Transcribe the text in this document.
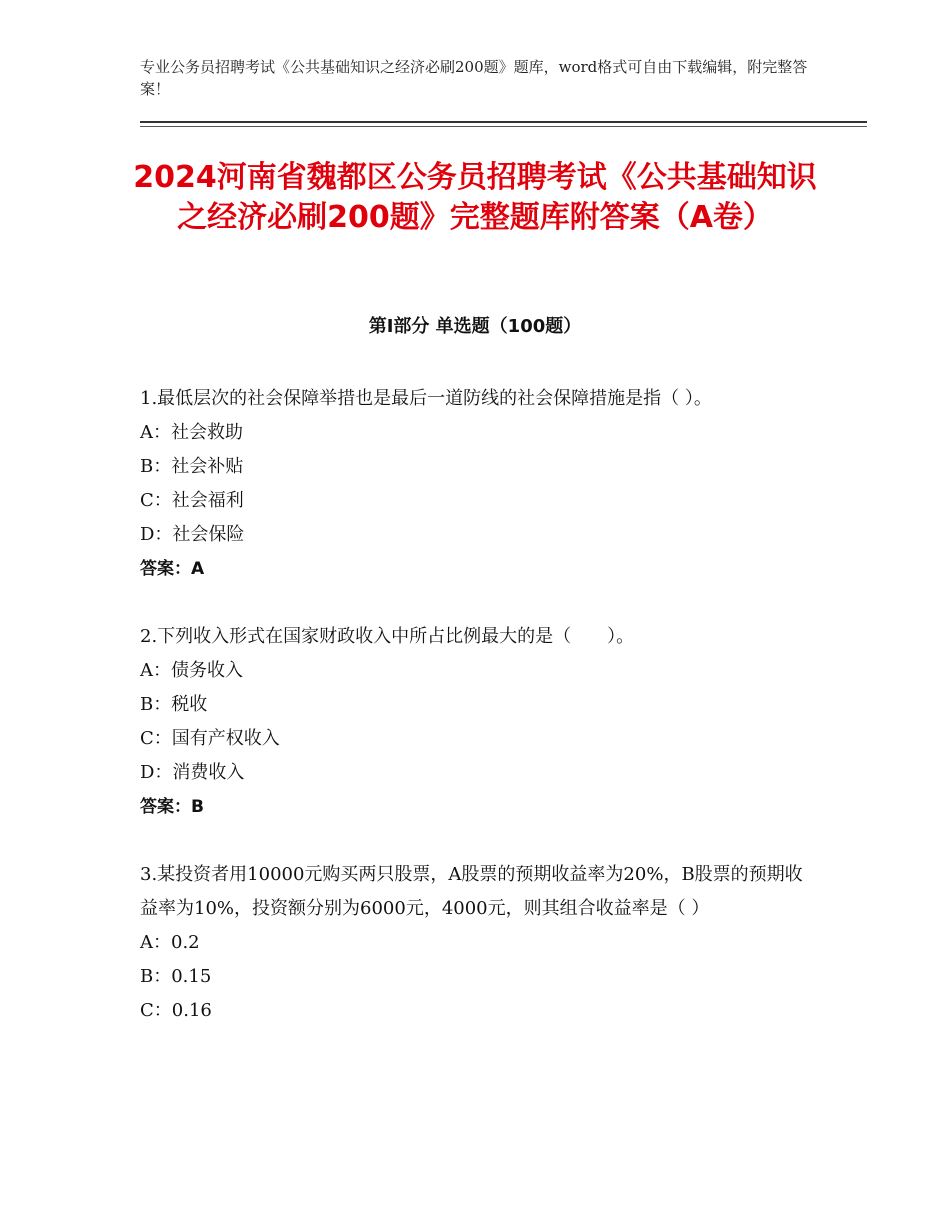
专业公务员招聘考试《公共基础知识之经济必刷200题》题库，word格式可自由下载编辑，附完整答案！
2024河南省魏都区公务员招聘考试《公共基础知识之经济必刷200题》完整题库附答案（A卷）
第Ⅰ部分 单选题（100题）
1.最低层次的社会保障举措也是最后一道防线的社会保障措施是指（ ）。
A：社会救助
B：社会补贴
C：社会福利
D：社会保险
答案：A
2.下列收入形式在国家财政收入中所占比例最大的是（　　）。
A：债务收入
B：税收
C：国有产权收入
D：消费收入
答案：B
3.某投资者用10000元购买两只股票，A股票的预期收益率为20%，B股票的预期收益率为10%，投资额分别为6000元，4000元，则其组合收益率是（ ）
A：0.2
B：0.15
C：0.16
